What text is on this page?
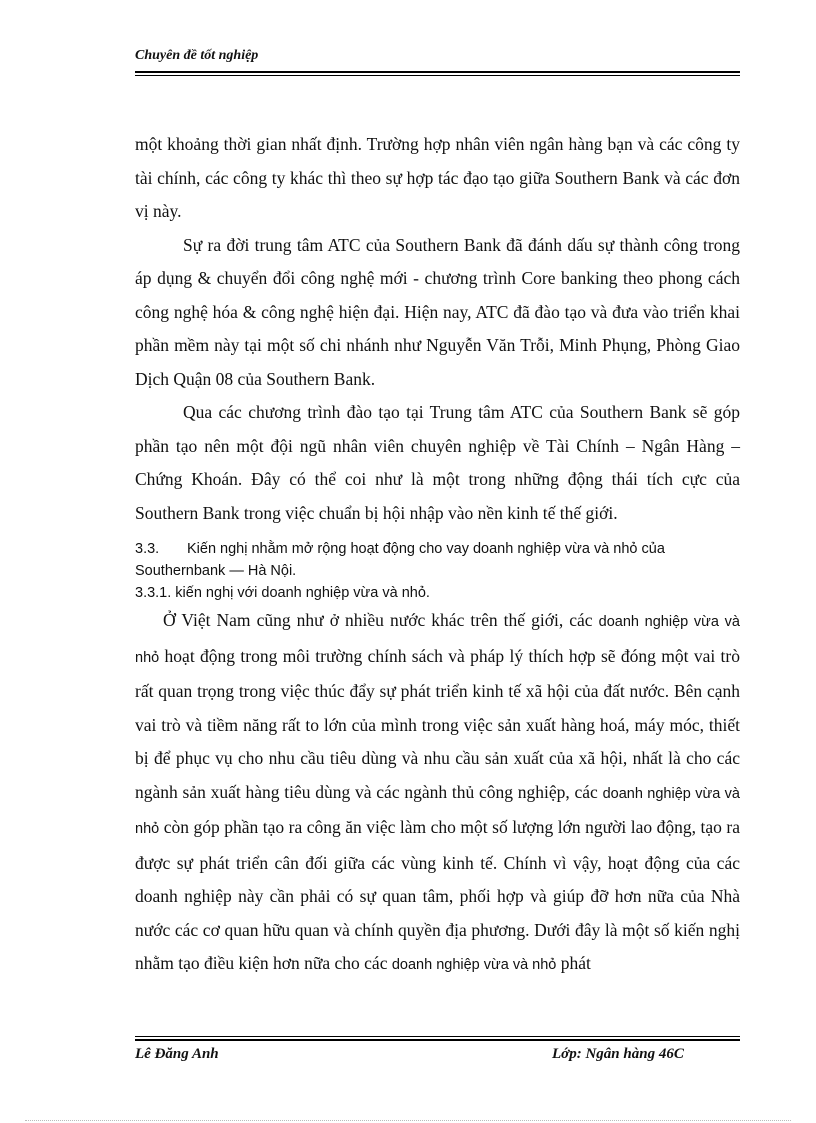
Chuyên đề tốt nghiệp

một khoảng thời gian nhất định. Trường hợp nhân viên ngân hàng bạn và các công ty tài chính, các công ty khác thì theo sự hợp tác đạo tạo giữa Southern Bank và các đơn vị này.

Sự ra đời trung tâm ATC của Southern Bank đã đánh dấu sự thành công trong áp dụng & chuyển đổi công nghệ mới - chương trình Core banking theo phong cách công nghệ hóa & công nghệ hiện đại. Hiện nay, ATC đã đào tạo và đưa vào triển khai phần mềm này tại một số chi nhánh như Nguyễn Văn Trỗi, Minh Phụng, Phòng Giao Dịch Quận 08 của Southern Bank.

Qua các chương trình đào tạo tại Trung tâm ATC của Southern Bank sẽ góp phần tạo nên một đội ngũ nhân viên chuyên nghiệp về Tài Chính – Ngân Hàng – Chứng Khoán. Đây có thể coi như là một trong những động thái tích cực của Southern Bank trong việc chuẩn bị hội nhập vào nền kinh tế thế giới.

3.3. Kiến nghị nhằm mở rộng hoạt động cho vay doanh nghiệp vừa và nhỏ của Southernbank — Hà Nội.

3.3.1. kiến nghị với doanh nghiệp vừa và nhỏ.

Ở Việt Nam cũng như ở nhiều nước khác trên thế giới, các doanh nghiệp vừa và nhỏ hoạt động trong môi trường chính sách và pháp lý thích hợp sẽ đóng một vai trò rất quan trọng trong việc thúc đẩy sự phát triển kinh tế xã hội của đất nước. Bên cạnh vai trò và tiềm năng rất to lớn của mình trong việc sản xuất hàng hoá, máy móc, thiết bị để phục vụ cho nhu cầu tiêu dùng và nhu cầu sản xuất của xã hội, nhất là cho các ngành sản xuất hàng tiêu dùng và các ngành thủ công nghiệp, các doanh nghiệp vừa và nhỏ còn góp phần tạo ra công ăn việc làm cho một số lượng lớn người lao động, tạo ra được sự phát triển cân đối giữa các vùng kinh tế. Chính vì vậy, hoạt động của các doanh nghiệp này cần phải có sự quan tâm, phối hợp và giúp đỡ hơn nữa của Nhà nước các cơ quan hữu quan và chính quyền địa phương. Dưới đây là một số kiến nghị nhằm tạo điều kiện hơn nữa cho các doanh nghiệp vừa và nhỏ phát

Lê Đăng Anh	Lớp: Ngân hàng 46C
